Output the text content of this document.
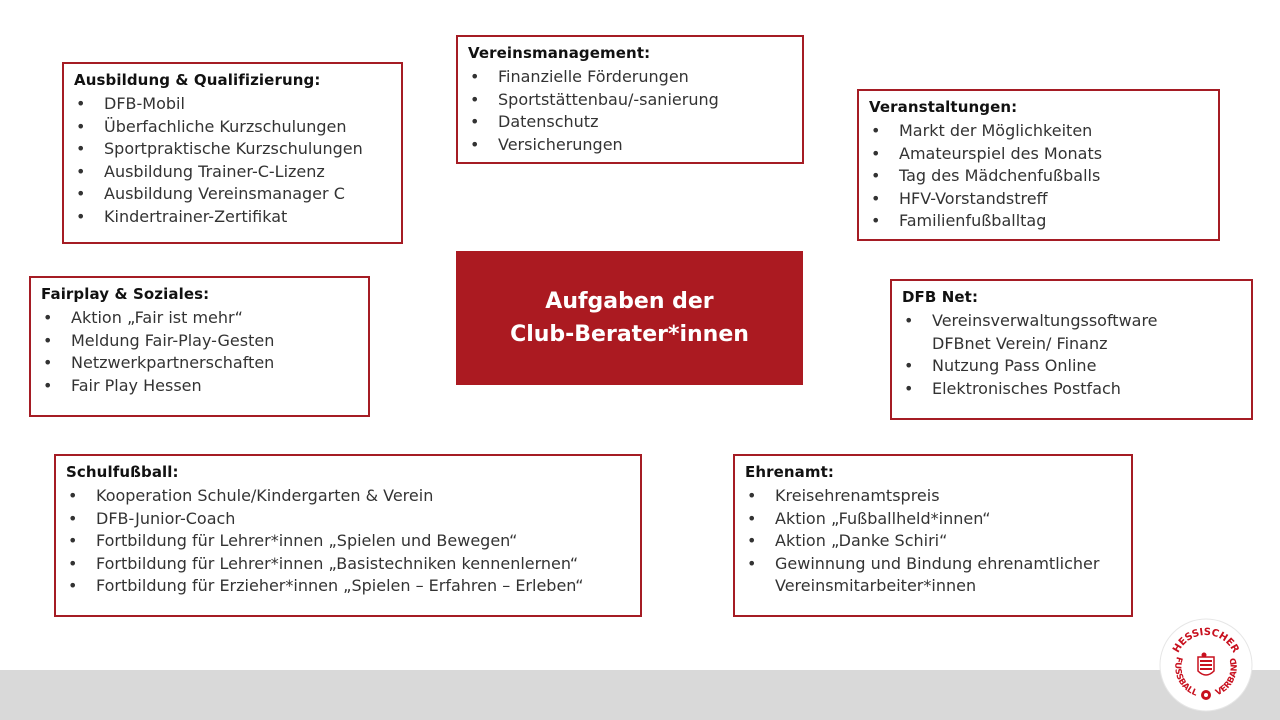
Ausbildung & Qualifizierung:
• DFB-Mobil
• Überfachliche Kurzschulungen
• Sportpraktische Kurzschulungen
• Ausbildung Trainer-C-Lizenz
• Ausbildung Vereinsmanager C
• Kindertrainer-Zertifikat
Vereinsmanagement:
• Finanzielle Förderungen
• Sportstättenbau/-sanierung
• Datenschutz
• Versicherungen
Veranstaltungen:
• Markt der Möglichkeiten
• Amateurspiel des Monats
• Tag des Mädchenfußballs
• HFV-Vorstandstreff
• Familienfußballtag
Fairplay & Soziales:
• Aktion „Fair ist mehr“
• Meldung Fair-Play-Gesten
• Netzwerkpartnerschaften
• Fair Play Hessen
Aufgaben der
Club-Berater*innen
DFB Net:
• Vereinsverwaltungssoftware
DFBnet Verein/ Finanz
• Nutzung Pass Online
• Elektronisches Postfach
Schulfußball:
• Kooperation Schule/Kindergarten & Verein
• DFB-Junior-Coach
• Fortbildung für Lehrer*innen „Spielen und Bewegen“
• Fortbildung für Lehrer*innen „Basistechniken kennenlernen“
• Fortbildung für Erzieher*innen „Spielen – Erfahren – Erleben“
Ehrenamt:
• Kreisehrenamtspreis
• Aktion „Fußballheld*innen“
• Aktion „Danke Schiri“
• Gewinnung und Bindung ehrenamtlicher
Vereinsmitarbeiter*innen
HESSISCHER
FUSSBALL VERBAND
